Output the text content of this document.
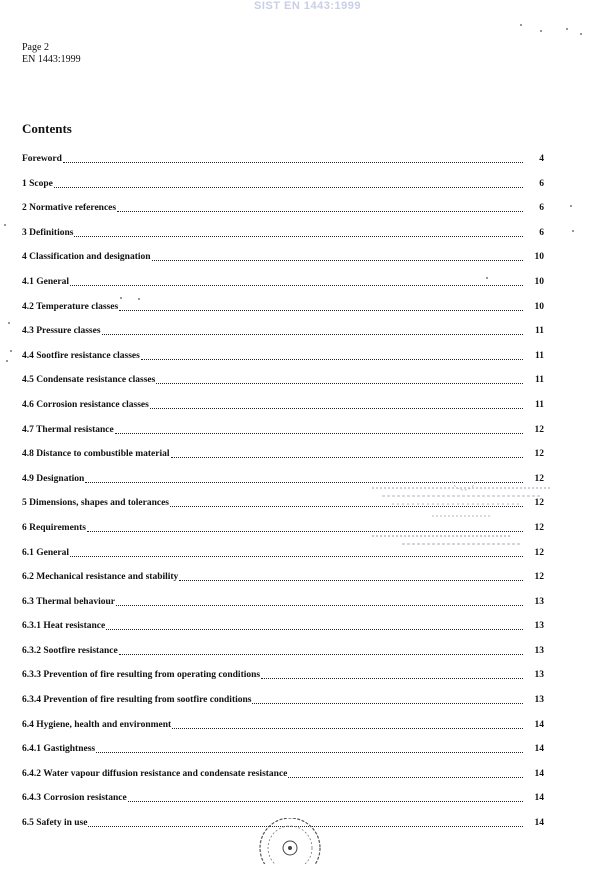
SIST EN 1443:1999
Page 2
EN 1443:1999
Contents
Foreword	4
1 Scope	6
2 Normative references	6
3 Definitions	6
4 Classification and designation	10
4.1 General	10
4.2 Temperature classes	10
4.3 Pressure classes	11
4.4 Sootfire resistance classes	11
4.5 Condensate resistance classes	11
4.6 Corrosion resistance classes	11
4.7 Thermal resistance	12
4.8 Distance to combustible material	12
4.9 Designation	12
5 Dimensions, shapes and tolerances	12
6 Requirements	12
6.1 General	12
6.2 Mechanical resistance and stability	12
6.3 Thermal behaviour	13
6.3.1 Heat resistance	13
6.3.2 Sootfire resistance	13
6.3.3 Prevention of fire resulting from operating conditions	13
6.3.4 Prevention of fire resulting from sootfire conditions	13
6.4 Hygiene, health and environment	14
6.4.1 Gastightness	14
6.4.2 Water vapour diffusion resistance and condensate resistance	14
6.4.3 Corrosion resistance	14
6.5 Safety in use	14
